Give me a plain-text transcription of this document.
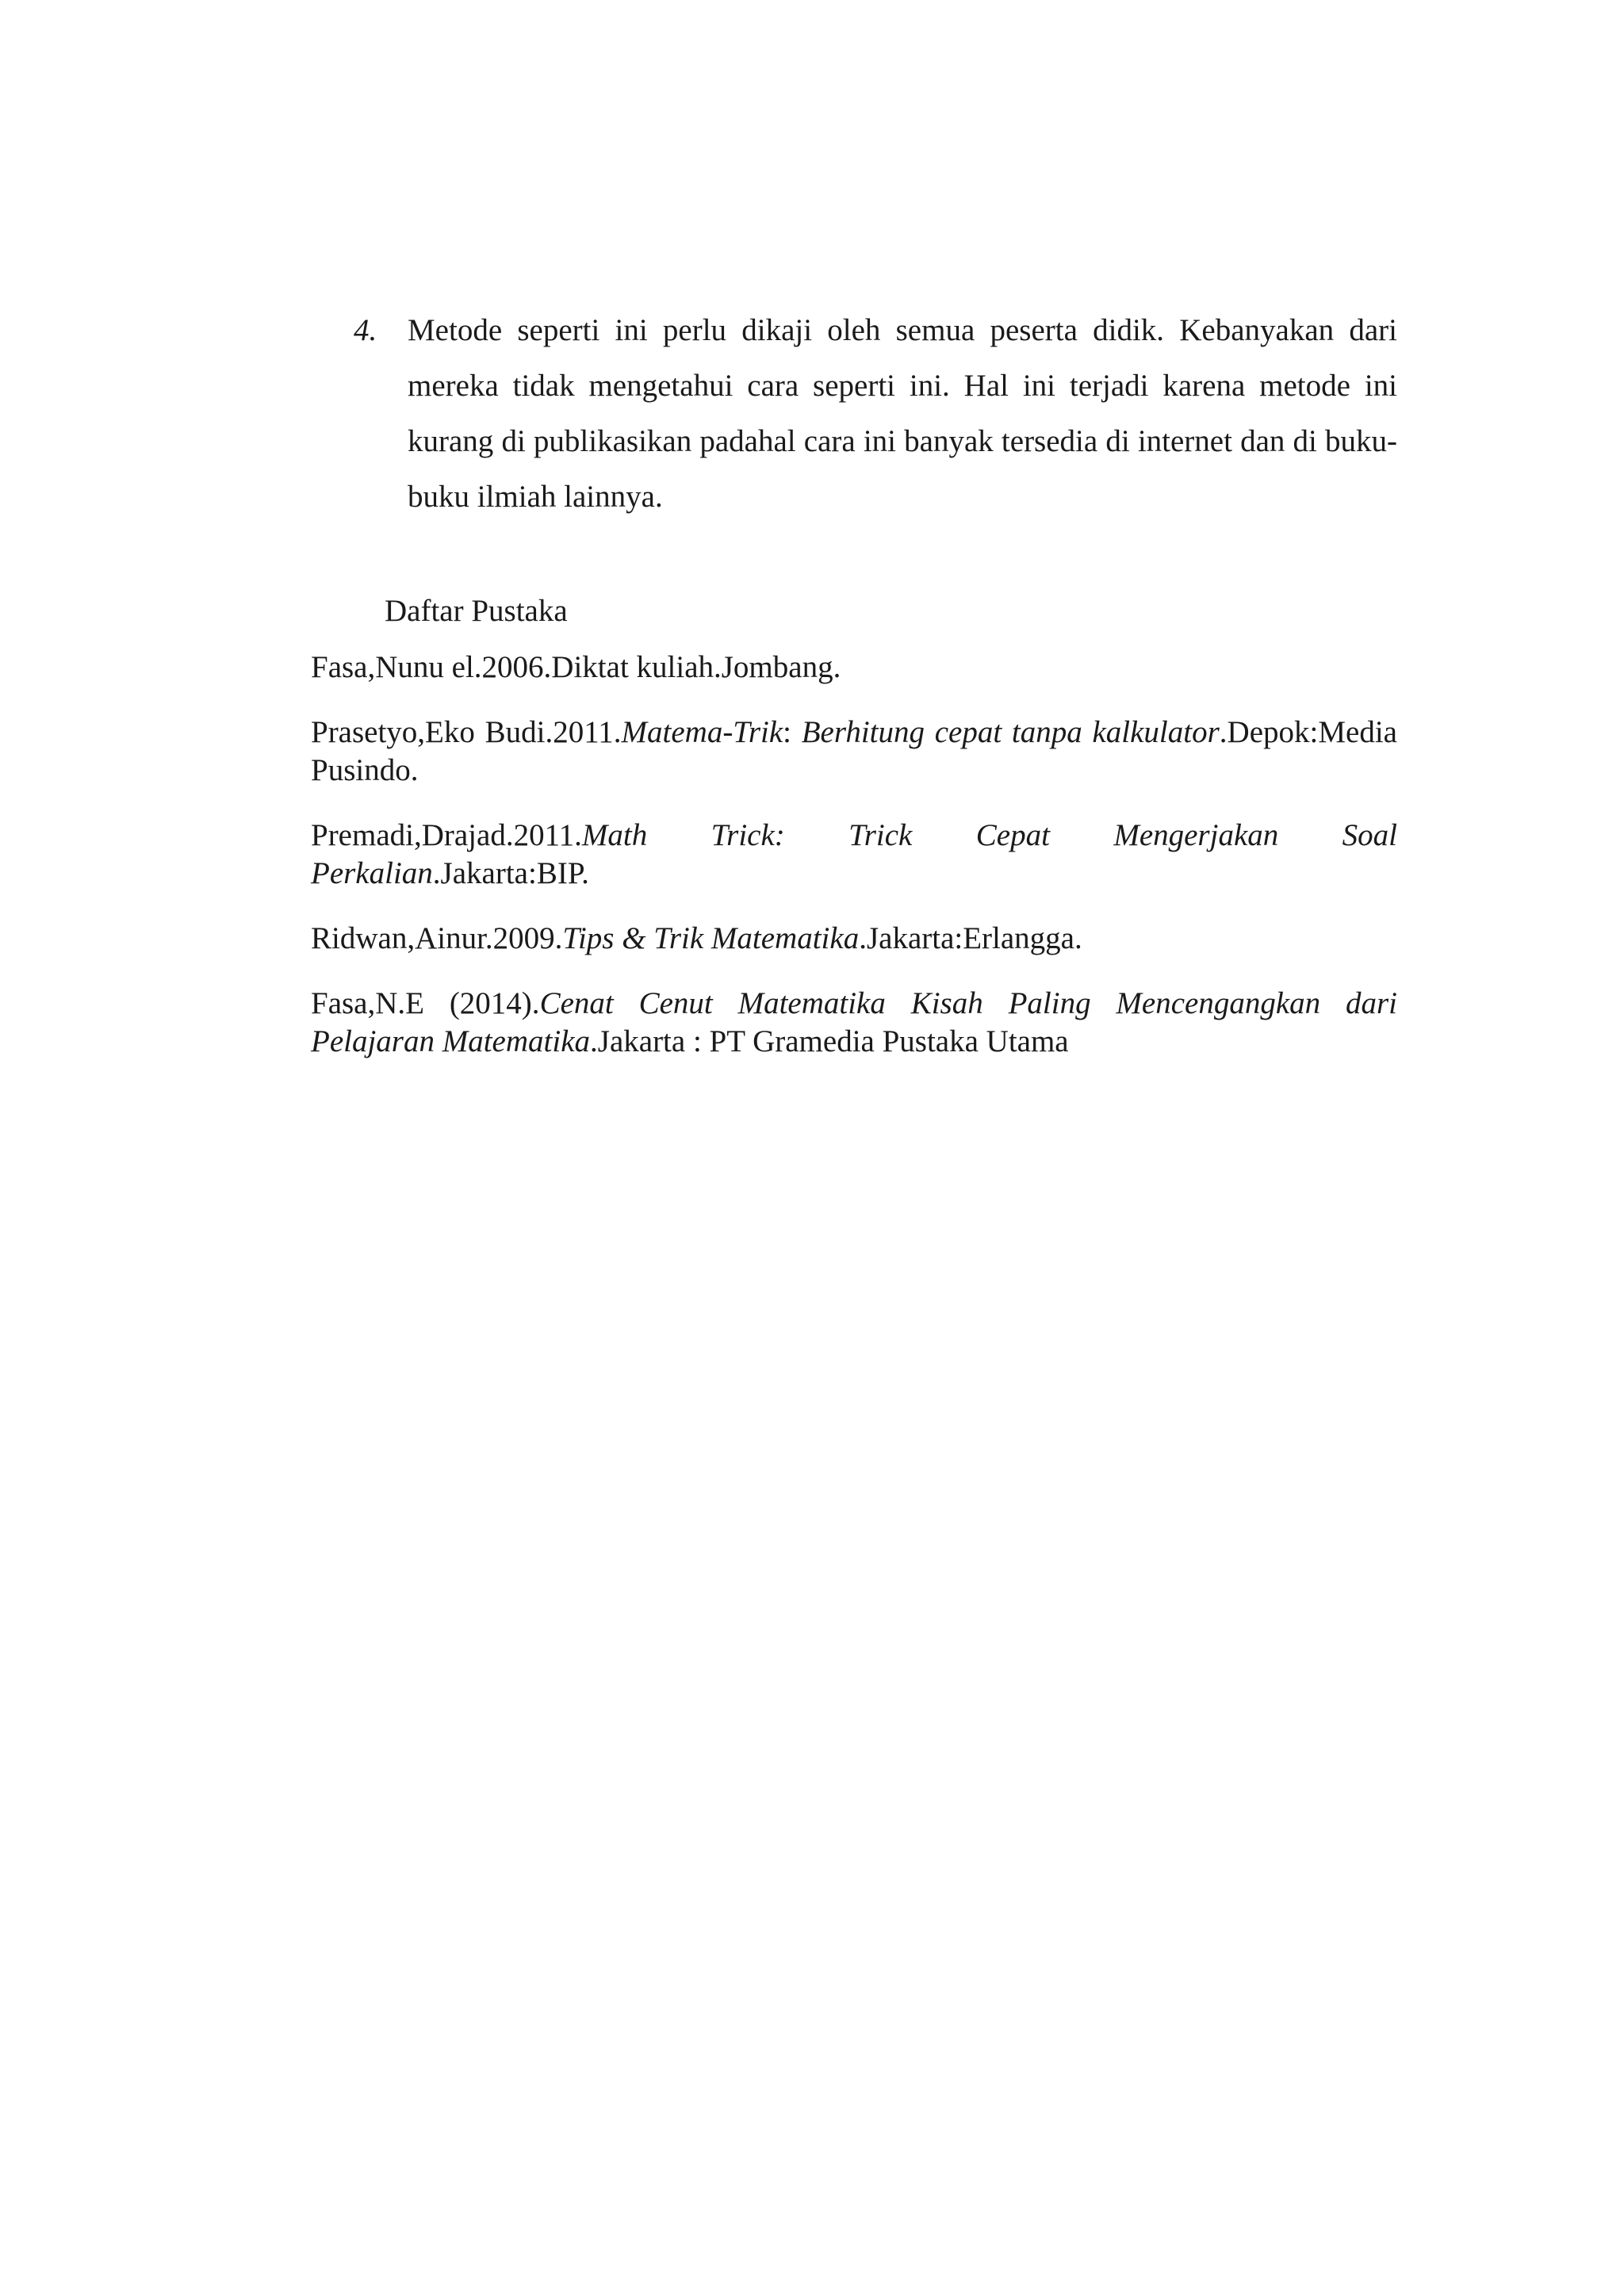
4. Metode seperti ini perlu dikaji oleh semua peserta didik. Kebanyakan dari mereka tidak mengetahui cara seperti ini. Hal ini terjadi karena metode ini kurang di publikasikan padahal cara ini banyak tersedia di internet dan di buku-buku ilmiah lainnya.

Daftar Pustaka

Fasa,Nunu el.2006.Diktat kuliah.Jombang.

Prasetyo,Eko Budi.2011.Matema-Trik: Berhitung cepat tanpa kalkulator.Depok:Media Pusindo.

Premadi,Drajad.2011.Math Trick: Trick Cepat Mengerjakan Soal Perkalian.Jakarta:BIP.

Ridwan,Ainur.2009.Tips & Trik Matematika.Jakarta:Erlangga.

Fasa,N.E (2014).Cenat Cenut Matematika Kisah Paling Mencengangkan dari Pelajaran Matematika.Jakarta : PT Gramedia Pustaka Utama
